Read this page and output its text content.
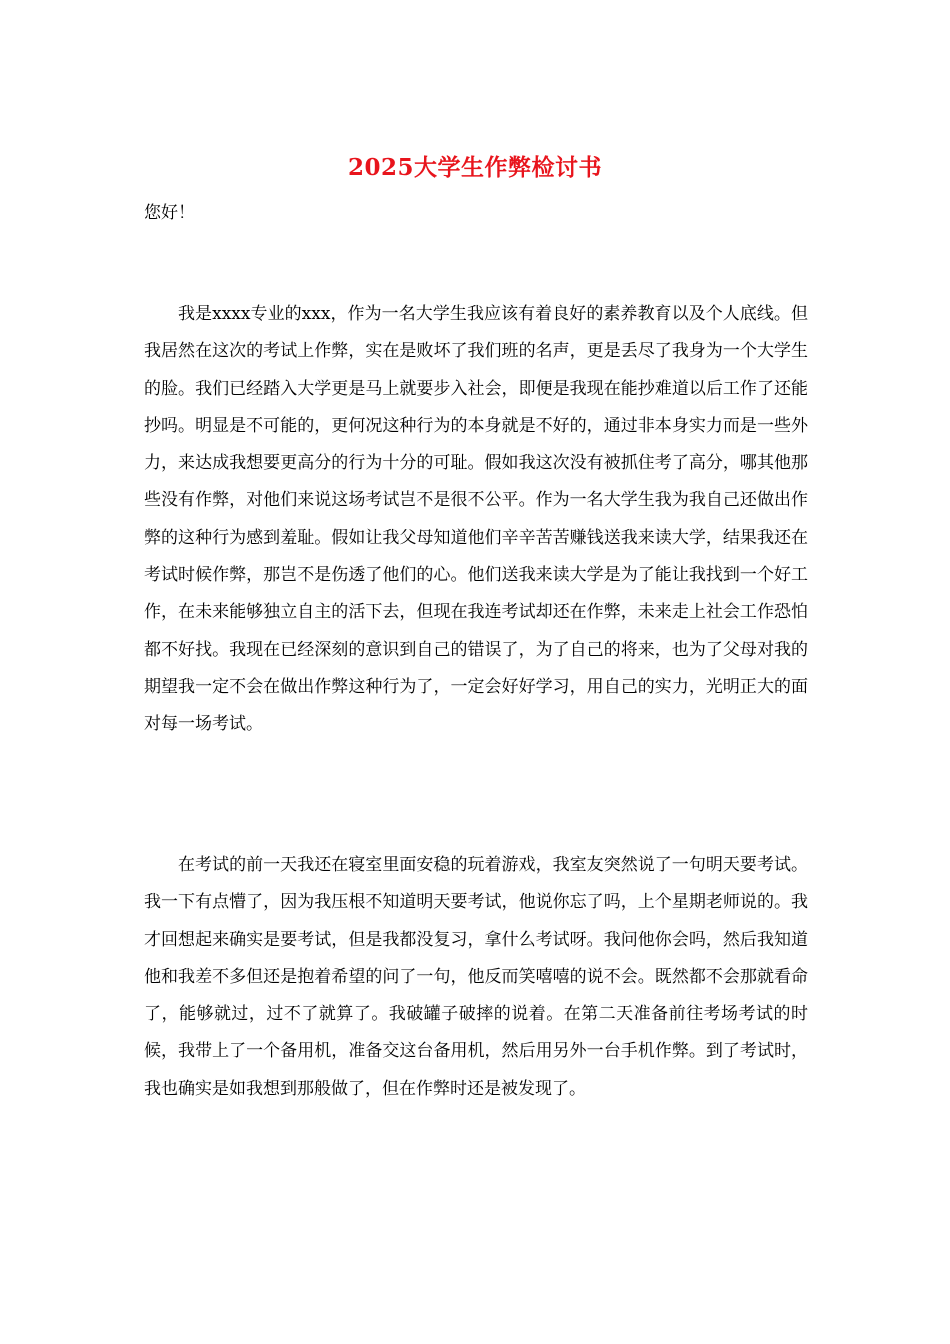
2025大学生作弊检讨书
您好！

我是xxxx专业的xxx，作为一名大学生我应该有着良好的素养教育以及个人底线。但我居然在这次的考试上作弊，实在是败坏了我们班的名声，更是丢尽了我身为一个大学生的脸。我们已经踏入大学更是马上就要步入社会，即便是我现在能抄难道以后工作了还能抄吗。明显是不可能的，更何况这种行为的本身就是不好的，通过非本身实力而是一些外力，来达成我想要更高分的行为十分的可耻。假如我这次没有被抓住考了高分，哪其他那些没有作弊，对他们来说这场考试岂不是很不公平。作为一名大学生我为我自己还做出作弊的这种行为感到羞耻。假如让我父母知道他们辛辛苦苦赚钱送我来读大学，结果我还在考试时候作弊，那岂不是伤透了他们的心。他们送我来读大学是为了能让我找到一个好工作，在未来能够独立自主的活下去，但现在我连考试却还在作弊，未来走上社会工作恐怕都不好找。我现在已经深刻的意识到自己的错误了，为了自己的将来，也为了父母对我的期望我一定不会在做出作弊这种行为了，一定会好好学习，用自己的实力，光明正大的面对每一场考试。

在考试的前一天我还在寝室里面安稳的玩着游戏，我室友突然说了一句明天要考试。我一下有点懵了，因为我压根不知道明天要考试，他说你忘了吗，上个星期老师说的。我才回想起来确实是要考试，但是我都没复习，拿什么考试呀。我问他你会吗，然后我知道他和我差不多但还是抱着希望的问了一句，他反而笑嘻嘻的说不会。既然都不会那就看命了，能够就过，过不了就算了。我破罐子破摔的说着。在第二天准备前往考场考试的时候，我带上了一个备用机，准备交这台备用机，然后用另外一台手机作弊。到了考试时，我也确实是如我想到那般做了，但在作弊时还是被发现了。
